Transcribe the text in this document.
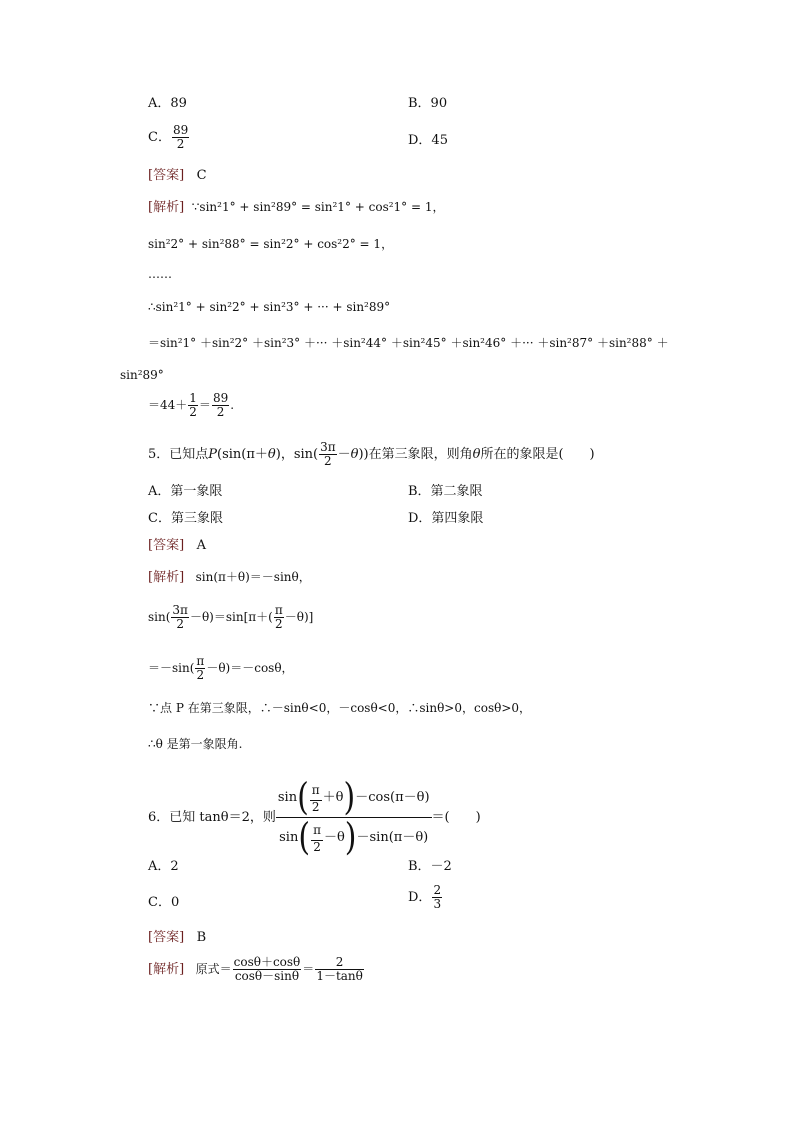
A．89	B．90
C． $\frac{89}{2}$	D．45
[答案] C
[解析] ∵sin²1° + sin²89° = sin²1° + cos²1° = 1，
sin²2° + sin²88° = sin²2° + cos²2° = 1，
……
∴sin²1° + sin²2° + sin²3° + ··· + sin²89°
＝sin²1° ＋sin²2° ＋sin²3° ＋··· ＋sin²44° ＋sin²45° ＋sin²46° ＋··· ＋sin²87° ＋sin²88° ＋
sin²89°
$=44+ \frac{1}{2} = \frac{89}{2}$ .
5．已知点P(sin(π＋θ)，$\sin( \frac{3\pi}{2} -\theta)$)在第三象限，则角θ所在的象限是(　　)
A．第一象限	B．第二象限
C．第三象限	D．第四象限
[答案] A
[解析] sin(π＋θ)＝－sinθ，
$\sin( \frac{3\pi}{2} -\theta)=\sin[\pi+( \frac{\pi}{2} -\theta)]$
$=-\sin( \frac{\pi}{2} -\theta)=-\cos\theta$，
∵点 P 在第三象限，∴－sinθ<0，－cosθ<0，∴sinθ>0，cosθ>0，
∴θ 是第一象限角.
6．已知 tanθ＝2，则 $\frac{\sin( \frac{\pi}{2} +\theta)-\cos(\pi-\theta)}{\sin( \frac{\pi}{2} -\theta)-\sin(\pi-\theta)}$ ＝(　　)
A．2	B．－2
C．0	D． $\frac{2}{3}$
[答案] B
[解析] 原式＝ $\frac{\cos\theta+\cos\theta}{\cos\theta-\sin\theta} = \frac{2}{1-\tan\theta}$
